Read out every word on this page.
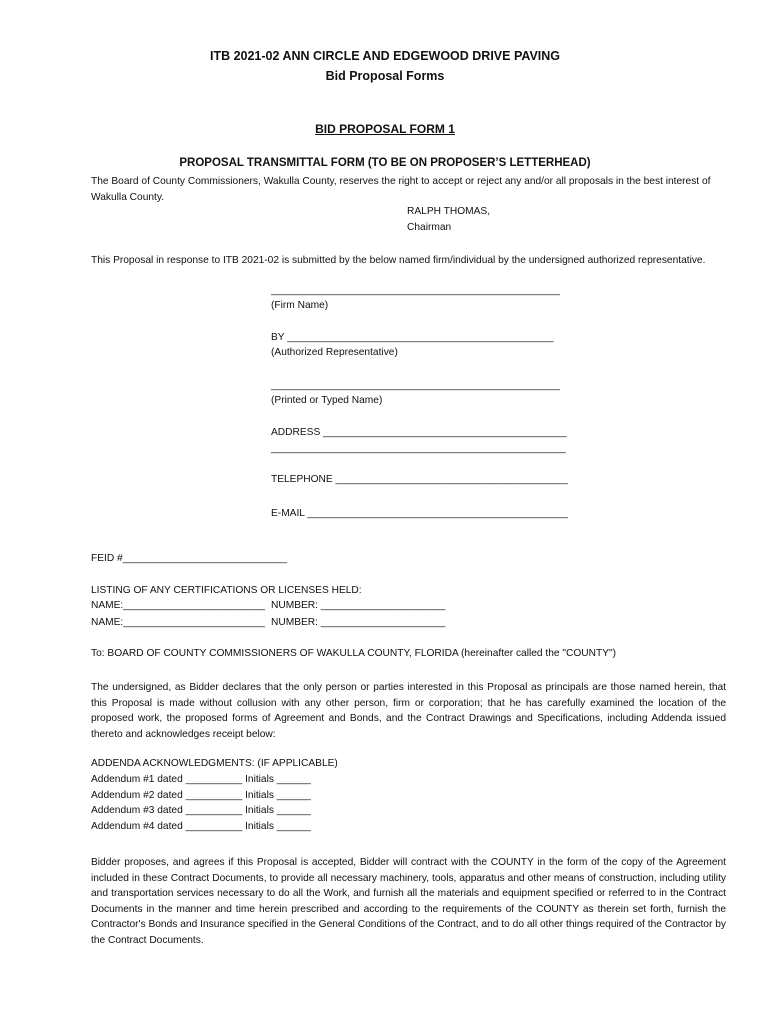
ITB 2021-02 ANN CIRCLE AND EDGEWOOD DRIVE PAVING
Bid Proposal Forms
BID PROPOSAL FORM 1
PROPOSAL TRANSMITTAL FORM (TO BE ON PROPOSER’S LETTERHEAD)

The Board of County Commissioners, Wakulla County, reserves the right to accept or reject any and/or all proposals in the best interest of Wakulla County.

RALPH THOMAS,
Chairman

This Proposal in response to ITB 2021-02 is submitted by the below named firm/individual by the undersigned authorized representative.

___________________________________________________
(Firm Name)
BY _______________________________________________
(Authorized Representative)
___________________________________________________
(Printed or Typed Name)
ADDRESS ___________________________________________
____________________________________________________
TELEPHONE _________________________________________
E-MAIL ______________________________________________
FEID #_____________________________
LISTING OF ANY CERTIFICATIONS OR LICENSES HELD:
NAME:_________________________ NUMBER: ______________________
NAME:_________________________ NUMBER: ______________________
To: BOARD OF COUNTY COMMISSIONERS OF WAKULLA COUNTY, FLORIDA (hereinafter called the "COUNTY")

The undersigned, as Bidder declares that the only person or parties interested in this Proposal as principals are those named herein, that this Proposal is made without collusion with any other person, firm or corporation; that he has carefully examined the location of the proposed work, the proposed forms of Agreement and Bonds, and the Contract Drawings and Specifications, including Addenda issued thereto and acknowledges receipt below:

ADDENDA ACKNOWLEDGMENTS: (IF APPLICABLE)
Addendum #1 dated __________ Initials ______
Addendum #2 dated __________ Initials ______
Addendum #3 dated __________ Initials ______
Addendum #4 dated __________ Initials ______

Bidder proposes, and agrees if this Proposal is accepted, Bidder will contract with the COUNTY in the form of the copy of the Agreement included in these Contract Documents, to provide all necessary machinery, tools, apparatus and other means of construction, including utility and transportation services necessary to do all the Work, and furnish all the materials and equipment specified or referred to in the Contract Documents in the manner and time herein prescribed and according to the requirements of the COUNTY as therein set forth, furnish the Contractor's Bonds and Insurance specified in the General Conditions of the Contract, and to do all other things required of the Contractor by the Contract Documents.
